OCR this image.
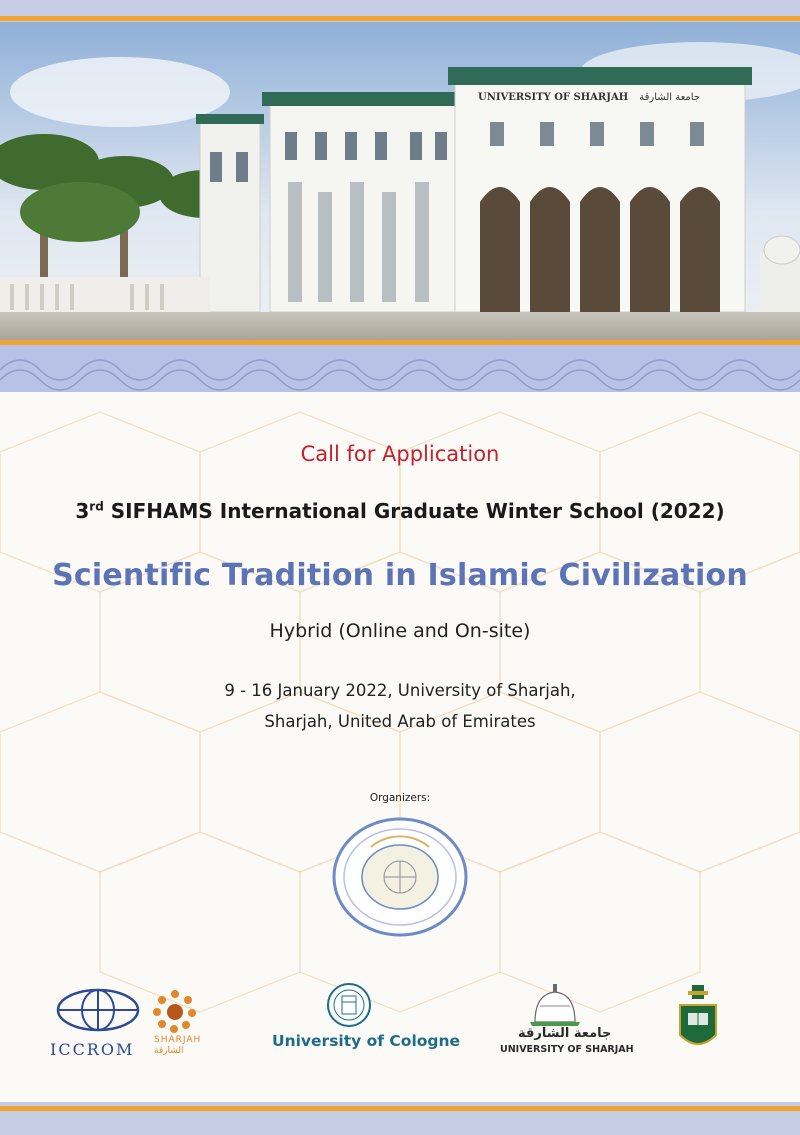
UNIVERSITY OF SHARJAH جامعة الشارقة
Call for Application
3rd SIFHAMS International Graduate Winter School (2022)
Scientific Tradition in Islamic Civilization
Hybrid (Online and On-site)
9 - 16 January 2022, University of Sharjah,
Sharjah, United Arab of Emirates
Organizers:
ICCROM SHARJAH
الشارقة
University of Cologne	جامعة الشارقة
UNIVERSITY OF SHARJAH
